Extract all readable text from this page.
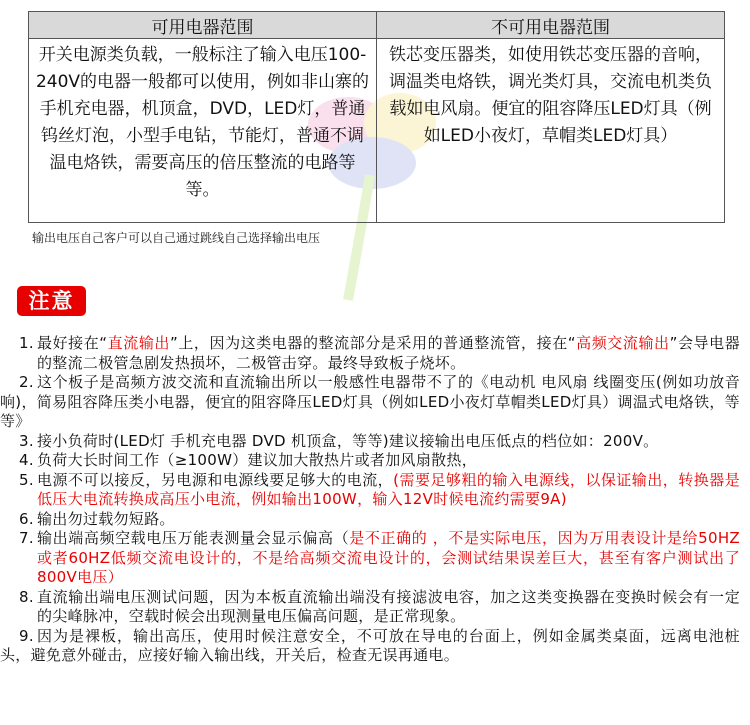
可用电器范围	不可用电器范围
开关电源类负载，一般标注了输入电压100-240V的电器一般都可以使用，例如非山寨的手机充电器，机顶盒，DVD，LED灯，普通钨丝灯泡，小型手电钻，节能灯，普通不调温电烙铁，需要高压的倍压整流的电路等等。	铁芯变压器类，如使用铁芯变压器的音响，调温类电烙铁，调光类灯具，交流电机类负载如电风扇。便宜的阻容降压LED灯具（例如LED小夜灯，草帽类LED灯具）
输出电压自己客户可以自己通过跳线自己选择输出电压
注意
1. 最好接在“直流输出”上，因为这类电器的整流部分是采用的普通整流管，接在“高频交流输出”会导电器的整流二极管急剧发热损坏，二极管击穿。最终导致板子烧坏。
2. 这个板子是高频方波交流和直流输出所以一般感性电器带不了的《电动机 电风扇 线圈变压(例如功放音响)，简易阻容降压类小电器，便宜的阻容降压LED灯具（例如LED小夜灯草帽类LED灯具）调温式电烙铁，等等》
3. 接小负荷时(LED灯 手机充电器 DVD 机顶盒，等等)建议接输出电压低点的档位如：200V。
4. 负荷大长时间工作（≥100W）建议加大散热片或者加风扇散热，
5. 电源不可以接反，另电源和电源线要足够大的电流，(需要足够粗的输入电源线，以保证输出，转换器是低压大电流转换成高压小电流，例如输出100W，输入12V时候电流约需要9A)
6. 输出勿过载勿短路。
7. 输出端高频空载电压万能表测量会显示偏高（是不正确的 ，不是实际电压，因为万用表设计是给50HZ或者60HZ低频交流电设计的，不是给高频交流电设计的，会测试结果误差巨大，甚至有客户测试出了800V电压）
8. 直流输出端电压测试问题，因为本板直流输出端没有接滤波电容，加之这类变换器在变换时候会有一定的尖峰脉冲，空载时候会出现测量电压偏高问题，是正常现象。
9. 因为是裸板，输出高压，使用时候注意安全，不可放在导电的台面上，例如金属类桌面，远离电池桩头，避免意外碰击，应接好输入输出线，开关后，检查无误再通电。
